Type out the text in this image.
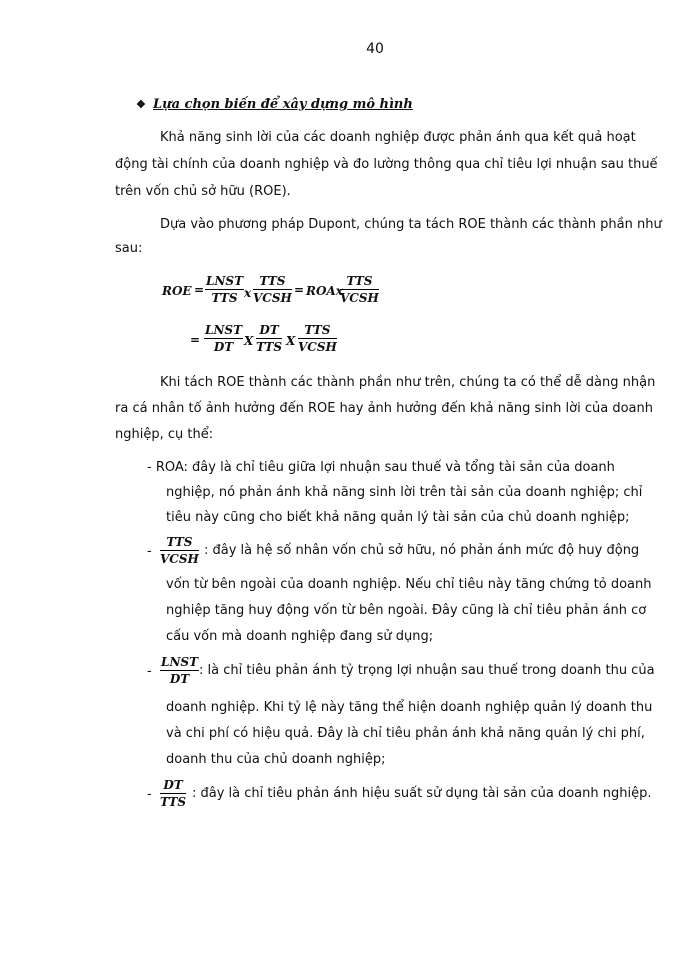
40
❖ Lựa chọn biến để xây dựng mô hình
Khả năng sinh lời của các doanh nghiệp được phản ánh qua kết quả hoạt
động tài chính của doanh nghiệp và đo lường thông qua chỉ tiêu lợi nhuận sau thuế
trên vốn chủ sở hữu (ROE).
Dựa vào phương pháp Dupont, chúng ta tách ROE thành các thành phần như
sau:
ROE =
LNST
TTS x
TTS
VCSH
= ROAx
TTS
VCSH
=
LNST
DT X
DT
TTS X
TTS
VCSH
Khi tách ROE thành các thành phần như trên, chúng ta có thể dễ dàng nhận
ra cá nhân tố ảnh hưởng đến ROE hay ảnh hưởng đến khả năng sinh lời của doanh
nghiệp, cụ thể:
- ROA: đây là chỉ tiêu giữa lợi nhuận sau thuế và tổng tài sản của doanh
nghiệp, nó phản ánh khả năng sinh lời trên tài sản của doanh nghiệp; chỉ
tiêu này cũng cho biết khả năng quản lý tài sản của chủ doanh nghiệp;
-
TTS
VCSH
: đây là hệ số nhân vốn chủ sở hữu, nó phản ánh mức độ huy động
vốn từ bên ngoài của doanh nghiệp. Nếu chỉ tiêu này tăng chứng tỏ doanh
nghiệp tăng huy động vốn từ bên ngoài. Đây cũng là chỉ tiêu phản ánh cơ
cấu vốn mà doanh nghiệp đang sử dụng;
-
LNST
DT
: là chỉ tiêu phản ánh tỷ trọng lợi nhuận sau thuế trong doanh thu của
doanh nghiệp. Khi tỷ lệ này tăng thể hiện doanh nghiệp quản lý doanh thu
và chi phí có hiệu quả. Đây là chỉ tiêu phản ánh khả năng quản lý chi phí,
doanh thu của chủ doanh nghiệp;
-
DT
TTS
: đây là chỉ tiêu phản ánh hiệu suất sử dụng tài sản của doanh nghiệp.
